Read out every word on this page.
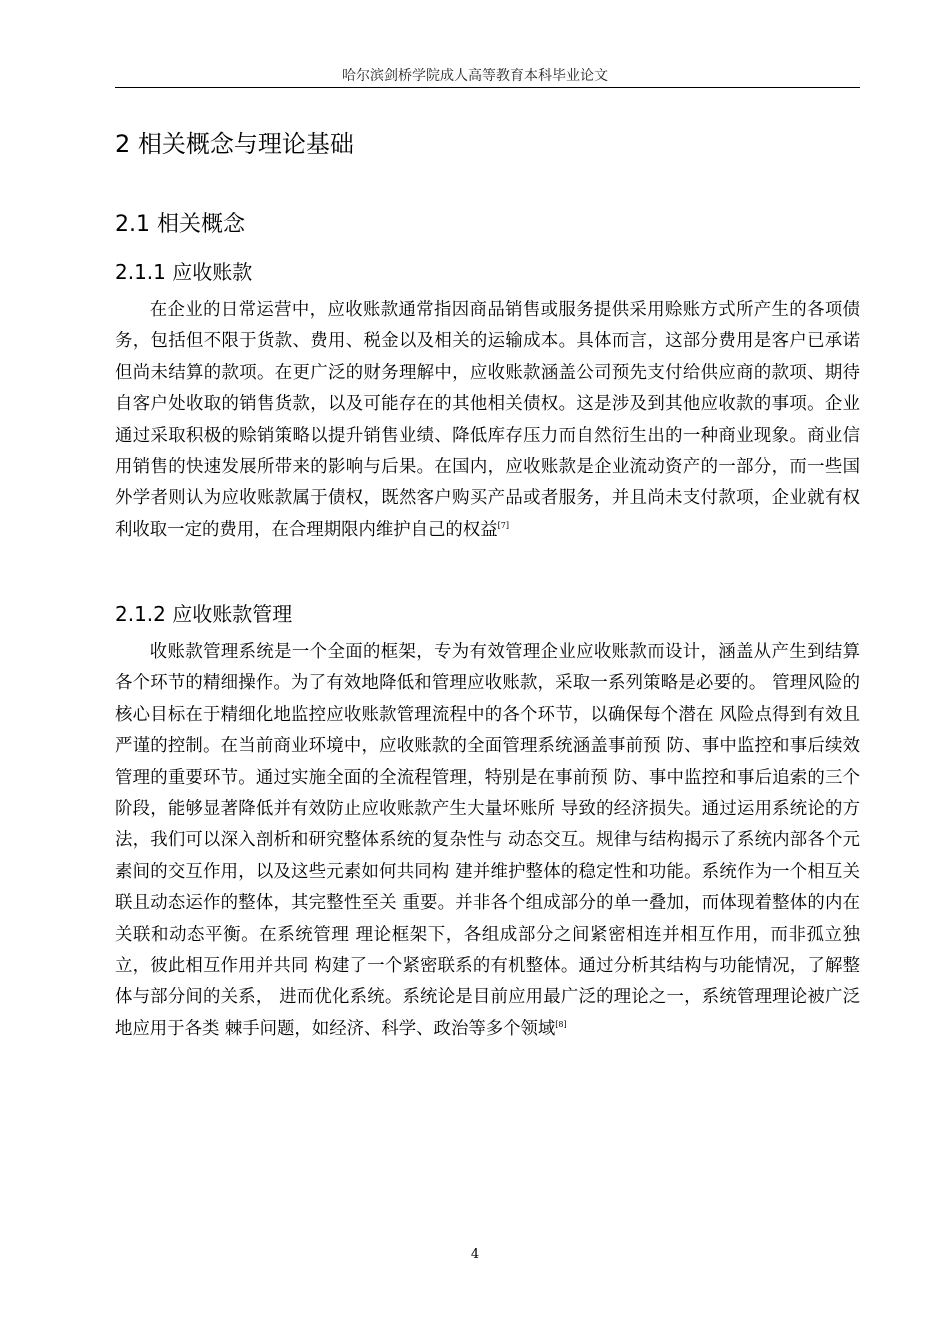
哈尔滨剑桥学院成人高等教育本科毕业论文
2 相关概念与理论基础
2.1 相关概念
2.1.1 应收账款
在企业的日常运营中，应收账款通常指因商品销售或服务提供采用赊账方式所产生的各项债务，包括但不限于货款、费用、税金以及相关的运输成本。具体而言，这部分费用是客户已承诺但尚未结算的款项。在更广泛的财务理解中，应收账款涵盖公司预先支付给供应商的款项、期待自客户处收取的销售货款，以及可能存在的其他相关债权。这是涉及到其他应收款的事项。企业通过采取积极的赊销策略以提升销售业绩、降低库存压力而自然衍生出的一种商业现象。商业信用销售的快速发展所带来的影响与后果。在国内，应收账款是企业流动资产的一部分，而一些国外学者则认为应收账款属于债权，既然客户购买产品或者服务，并且尚未支付款项，企业就有权利收取一定的费用，在合理期限内维护自己的权益[7]
2.1.2 应收账款管理
收账款管理系统是一个全面的框架，专为有效管理企业应收账款而设计，涵盖从产生到结算各个环节的精细操作。为了有效地降低和管理应收账款，采取一系列策略是必要的。 管理风险的核心目标在于精细化地监控应收账款管理流程中的各个环节，以确保每个潜在 风险点得到有效且严谨的控制。在当前商业环境中，应收账款的全面管理系统涵盖事前预 防、事中监控和事后续效管理的重要环节。通过实施全面的全流程管理，特别是在事前预 防、事中监控和事后追索的三个阶段，能够显著降低并有效防止应收账款产生大量坏账所 导致的经济损失。通过运用系统论的方法，我们可以深入剖析和研究整体系统的复杂性与 动态交互。规律与结构揭示了系统内部各个元素间的交互作用，以及这些元素如何共同构 建并维护整体的稳定性和功能。系统作为一个相互关联且动态运作的整体，其完整性至关 重要。并非各个组成部分的单一叠加，而体现着整体的内在关联和动态平衡。在系统管理 理论框架下，各组成部分之间紧密相连并相互作用，而非孤立独立，彼此相互作用并共同 构建了一个紧密联系的有机整体。通过分析其结构与功能情况，了解整体与部分间的关系， 进而优化系统。系统论是目前应用最广泛的理论之一，系统管理理论被广泛地应用于各类 棘手问题，如经济、科学、政治等多个领域[8]
4
